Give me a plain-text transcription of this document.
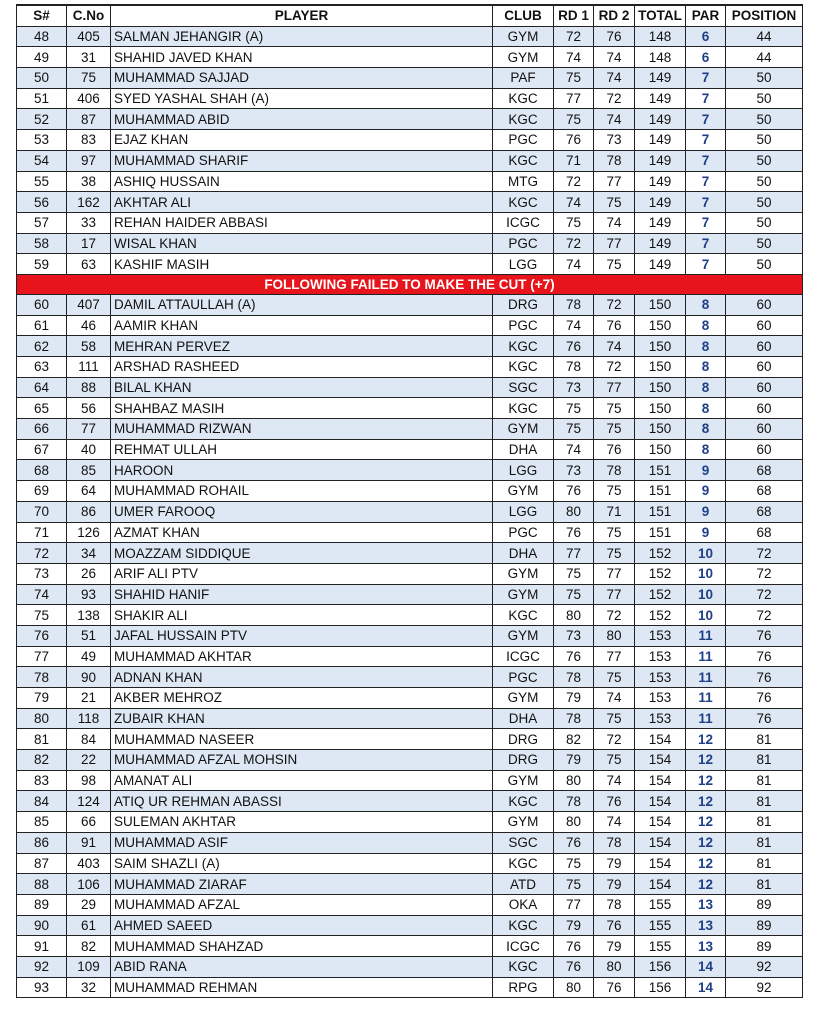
S#	C.No	PLAYER	CLUB	RD 1	RD 2	TOTAL	PAR	POSITION
48	405	SALMAN JEHANGIR (A)	GYM	72	76	148	6	44
49	31	SHAHID JAVED KHAN	GYM	74	74	148	6	44
50	75	MUHAMMAD SAJJAD	PAF	75	74	149	7	50
51	406	SYED YASHAL SHAH (A)	KGC	77	72	149	7	50
52	87	MUHAMMAD ABID	KGC	75	74	149	7	50
53	83	EJAZ KHAN	PGC	76	73	149	7	50
54	97	MUHAMMAD SHARIF	KGC	71	78	149	7	50
55	38	ASHIQ HUSSAIN	MTG	72	77	149	7	50
56	162	AKHTAR ALI	KGC	74	75	149	7	50
57	33	REHAN HAIDER ABBASI	ICGC	75	74	149	7	50
58	17	WISAL KHAN	PGC	72	77	149	7	50
59	63	KASHIF MASIH	LGG	74	75	149	7	50
FOLLOWING FAILED TO MAKE THE CUT (+7)								
60	407	DAMIL ATTAULLAH (A)	DRG	78	72	150	8	60
61	46	AAMIR KHAN	PGC	74	76	150	8	60
62	58	MEHRAN PERVEZ	KGC	76	74	150	8	60
63	111	ARSHAD RASHEED	KGC	78	72	150	8	60
64	88	BILAL KHAN	SGC	73	77	150	8	60
65	56	SHAHBAZ MASIH	KGC	75	75	150	8	60
66	77	MUHAMMAD RIZWAN	GYM	75	75	150	8	60
67	40	REHMAT ULLAH	DHA	74	76	150	8	60
68	85	HAROON	LGG	73	78	151	9	68
69	64	MUHAMMAD ROHAIL	GYM	76	75	151	9	68
70	86	UMER FAROOQ	LGG	80	71	151	9	68
71	126	AZMAT KHAN	PGC	76	75	151	9	68
72	34	MOAZZAM SIDDIQUE	DHA	77	75	152	10	72
73	26	ARIF ALI PTV	GYM	75	77	152	10	72
74	93	SHAHID HANIF	GYM	75	77	152	10	72
75	138	SHAKIR ALI	KGC	80	72	152	10	72
76	51	JAFAL HUSSAIN PTV	GYM	73	80	153	11	76
77	49	MUHAMMAD AKHTAR	ICGC	76	77	153	11	76
78	90	ADNAN KHAN	PGC	78	75	153	11	76
79	21	AKBER MEHROZ	GYM	79	74	153	11	76
80	118	ZUBAIR KHAN	DHA	78	75	153	11	76
81	84	MUHAMMAD NASEER	DRG	82	72	154	12	81
82	22	MUHAMMAD AFZAL MOHSIN	DRG	79	75	154	12	81
83	98	AMANAT ALI	GYM	80	74	154	12	81
84	124	ATIQ UR REHMAN ABASSI	KGC	78	76	154	12	81
85	66	SULEMAN AKHTAR	GYM	80	74	154	12	81
86	91	MUHAMMAD ASIF	SGC	76	78	154	12	81
87	403	SAIM SHAZLI (A)	KGC	75	79	154	12	81
88	106	MUHAMMAD ZIARAF	ATD	75	79	154	12	81
89	29	MUHAMMAD AFZAL	OKA	77	78	155	13	89
90	61	AHMED SAEED	KGC	79	76	155	13	89
91	82	MUHAMMAD SHAHZAD	ICGC	76	79	155	13	89
92	109	ABID RANA	KGC	76	80	156	14	92
93	32	MUHAMMAD REHMAN	RPG	80	76	156	14	92
